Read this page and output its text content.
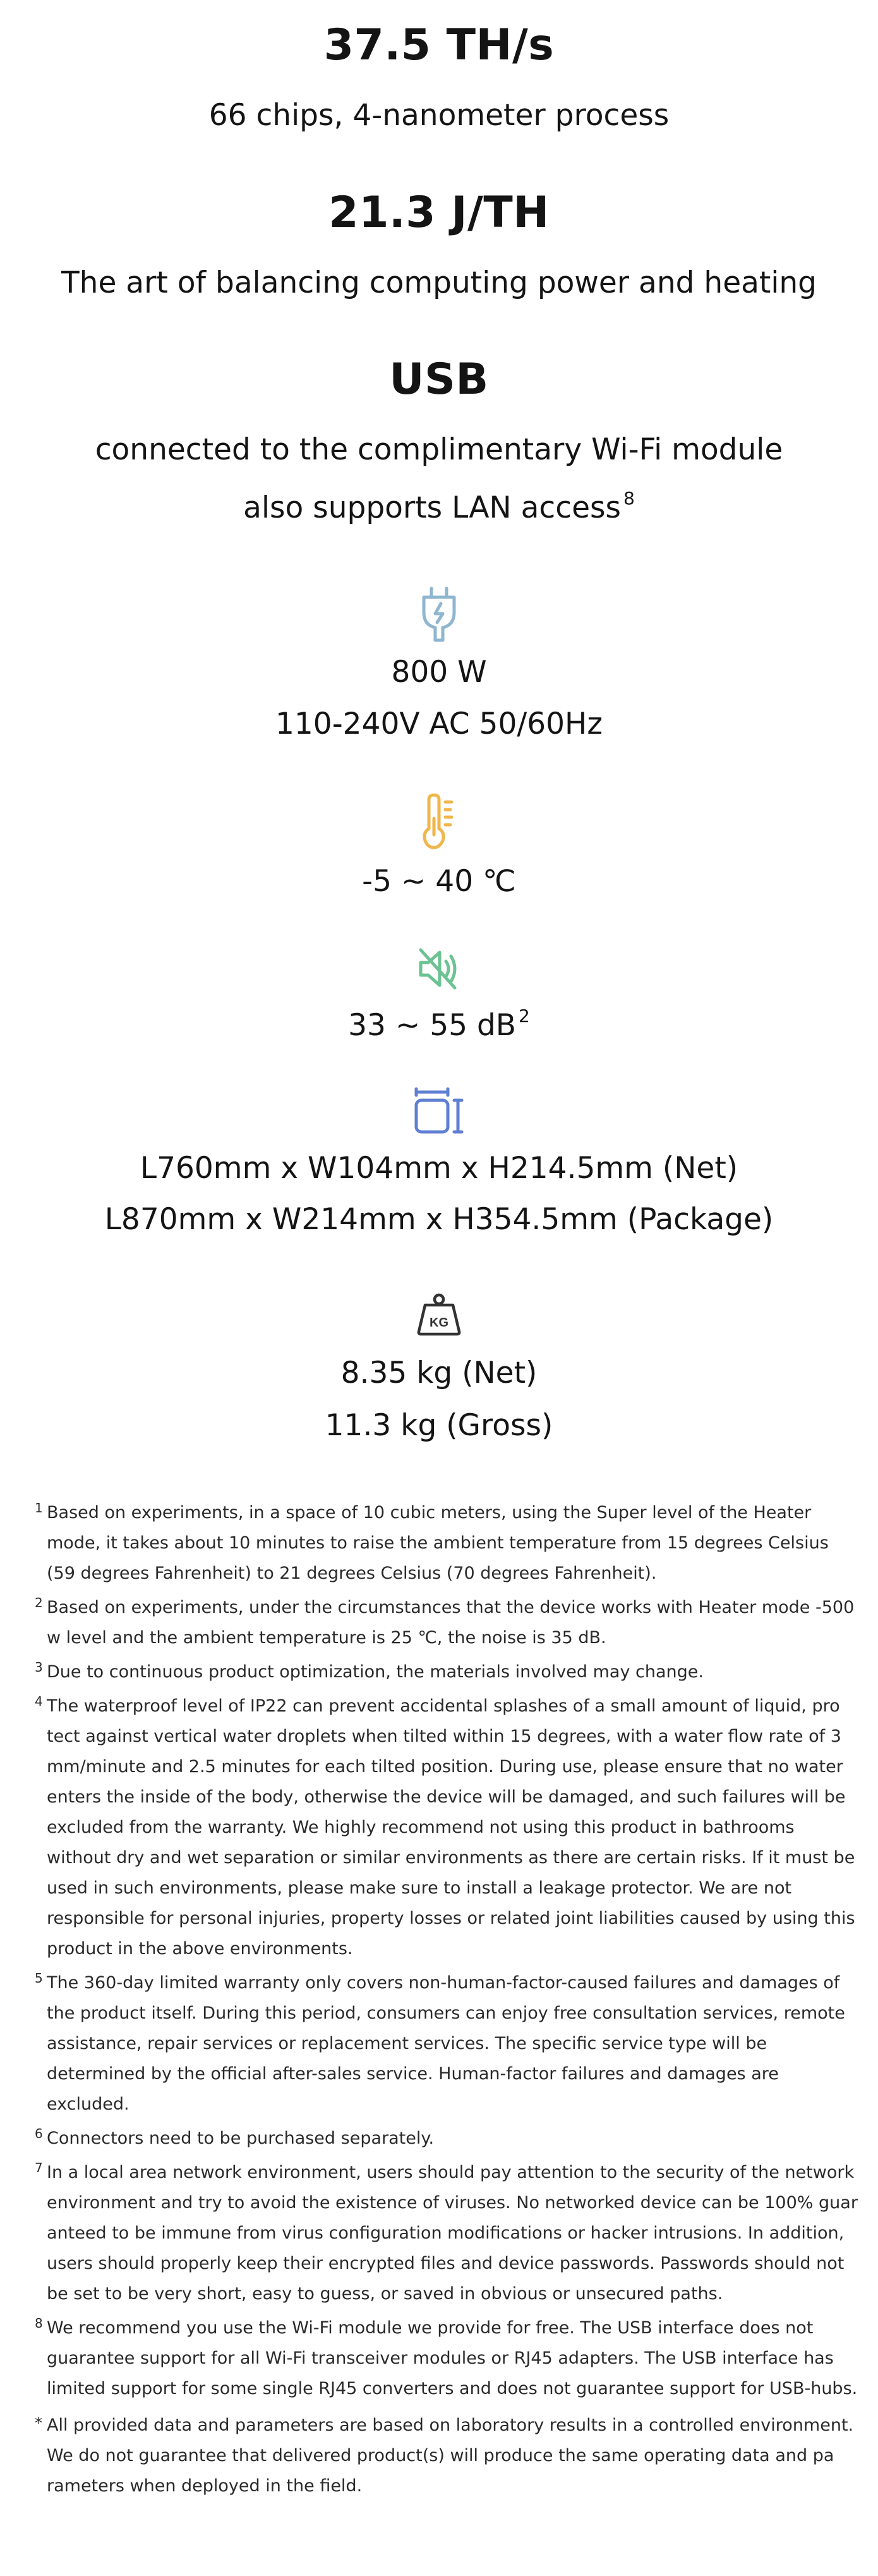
37.5 TH/s
66 chips, 4-nanometer process
21.3 J/TH
The art of balancing computing power and heating
USB
connected to the complimentary Wi-Fi module
also supports LAN access $^8$
800 W
110-240V AC 50/60Hz
-5 ~ 40 ℃
33 ~ 55 dB $^2$
L760mm x W104mm x H214.5mm (Net)
L870mm x W214mm x H354.5mm (Package)
KG
8.35 kg (Net)
11.3 kg (Gross)
1 Based on experiments, in a space of 10 cubic meters, using the Super level of the Heater mode, it takes about 10 minutes to raise the ambient temperature from 15 degrees Celsius (59 degrees Fahrenheit) to 21 degrees Celsius (70 degrees Fahrenheit).
2 Based on experiments, under the circumstances that the device works with Heater mode -500 w level and the ambient temperature is 25 ℃, the noise is 35 dB.
3 Due to continuous product optimization, the materials involved may change.
4 The waterproof level of IP22 can prevent accidental splashes of a small amount of liquid, pro tect against vertical water droplets when tilted within 15 degrees, with a water flow rate of 3 mm/minute and 2.5 minutes for each tilted position. During use, please ensure that no water enters the inside of the body, otherwise the device will be damaged, and such failures will be excluded from the warranty. We highly recommend not using this product in bathrooms without dry and wet separation or similar environments as there are certain risks. If it must be used in such environments, please make sure to install a leakage protector. We are not responsible for personal injuries, property losses or related joint liabilities caused by using this product in the above environments.
5 The 360-day limited warranty only covers non-human-factor-caused failures and damages of the product itself. During this period, consumers can enjoy free consultation services, remote assistance, repair services or replacement services. The specific service type will be determined by the official after-sales service. Human-factor failures and damages are excluded.
6 Connectors need to be purchased separately.
7 In a local area network environment, users should pay attention to the security of the network environment and try to avoid the existence of viruses. No networked device can be 100% guar anteed to be immune from virus configuration modifications or hacker intrusions. In addition, users should properly keep their encrypted files and device passwords. Passwords should not be set to be very short, easy to guess, or saved in obvious or unsecured paths.
8 We recommend you use the Wi-Fi module we provide for free. The USB interface does not guarantee support for all Wi-Fi transceiver modules or RJ45 adapters. The USB interface has limited support for some single RJ45 converters and does not guarantee support for USB-hubs.
* All provided data and parameters are based on laboratory results in a controlled environment. We do not guarantee that delivered product(s) will produce the same operating data and pa rameters when deployed in the field.
